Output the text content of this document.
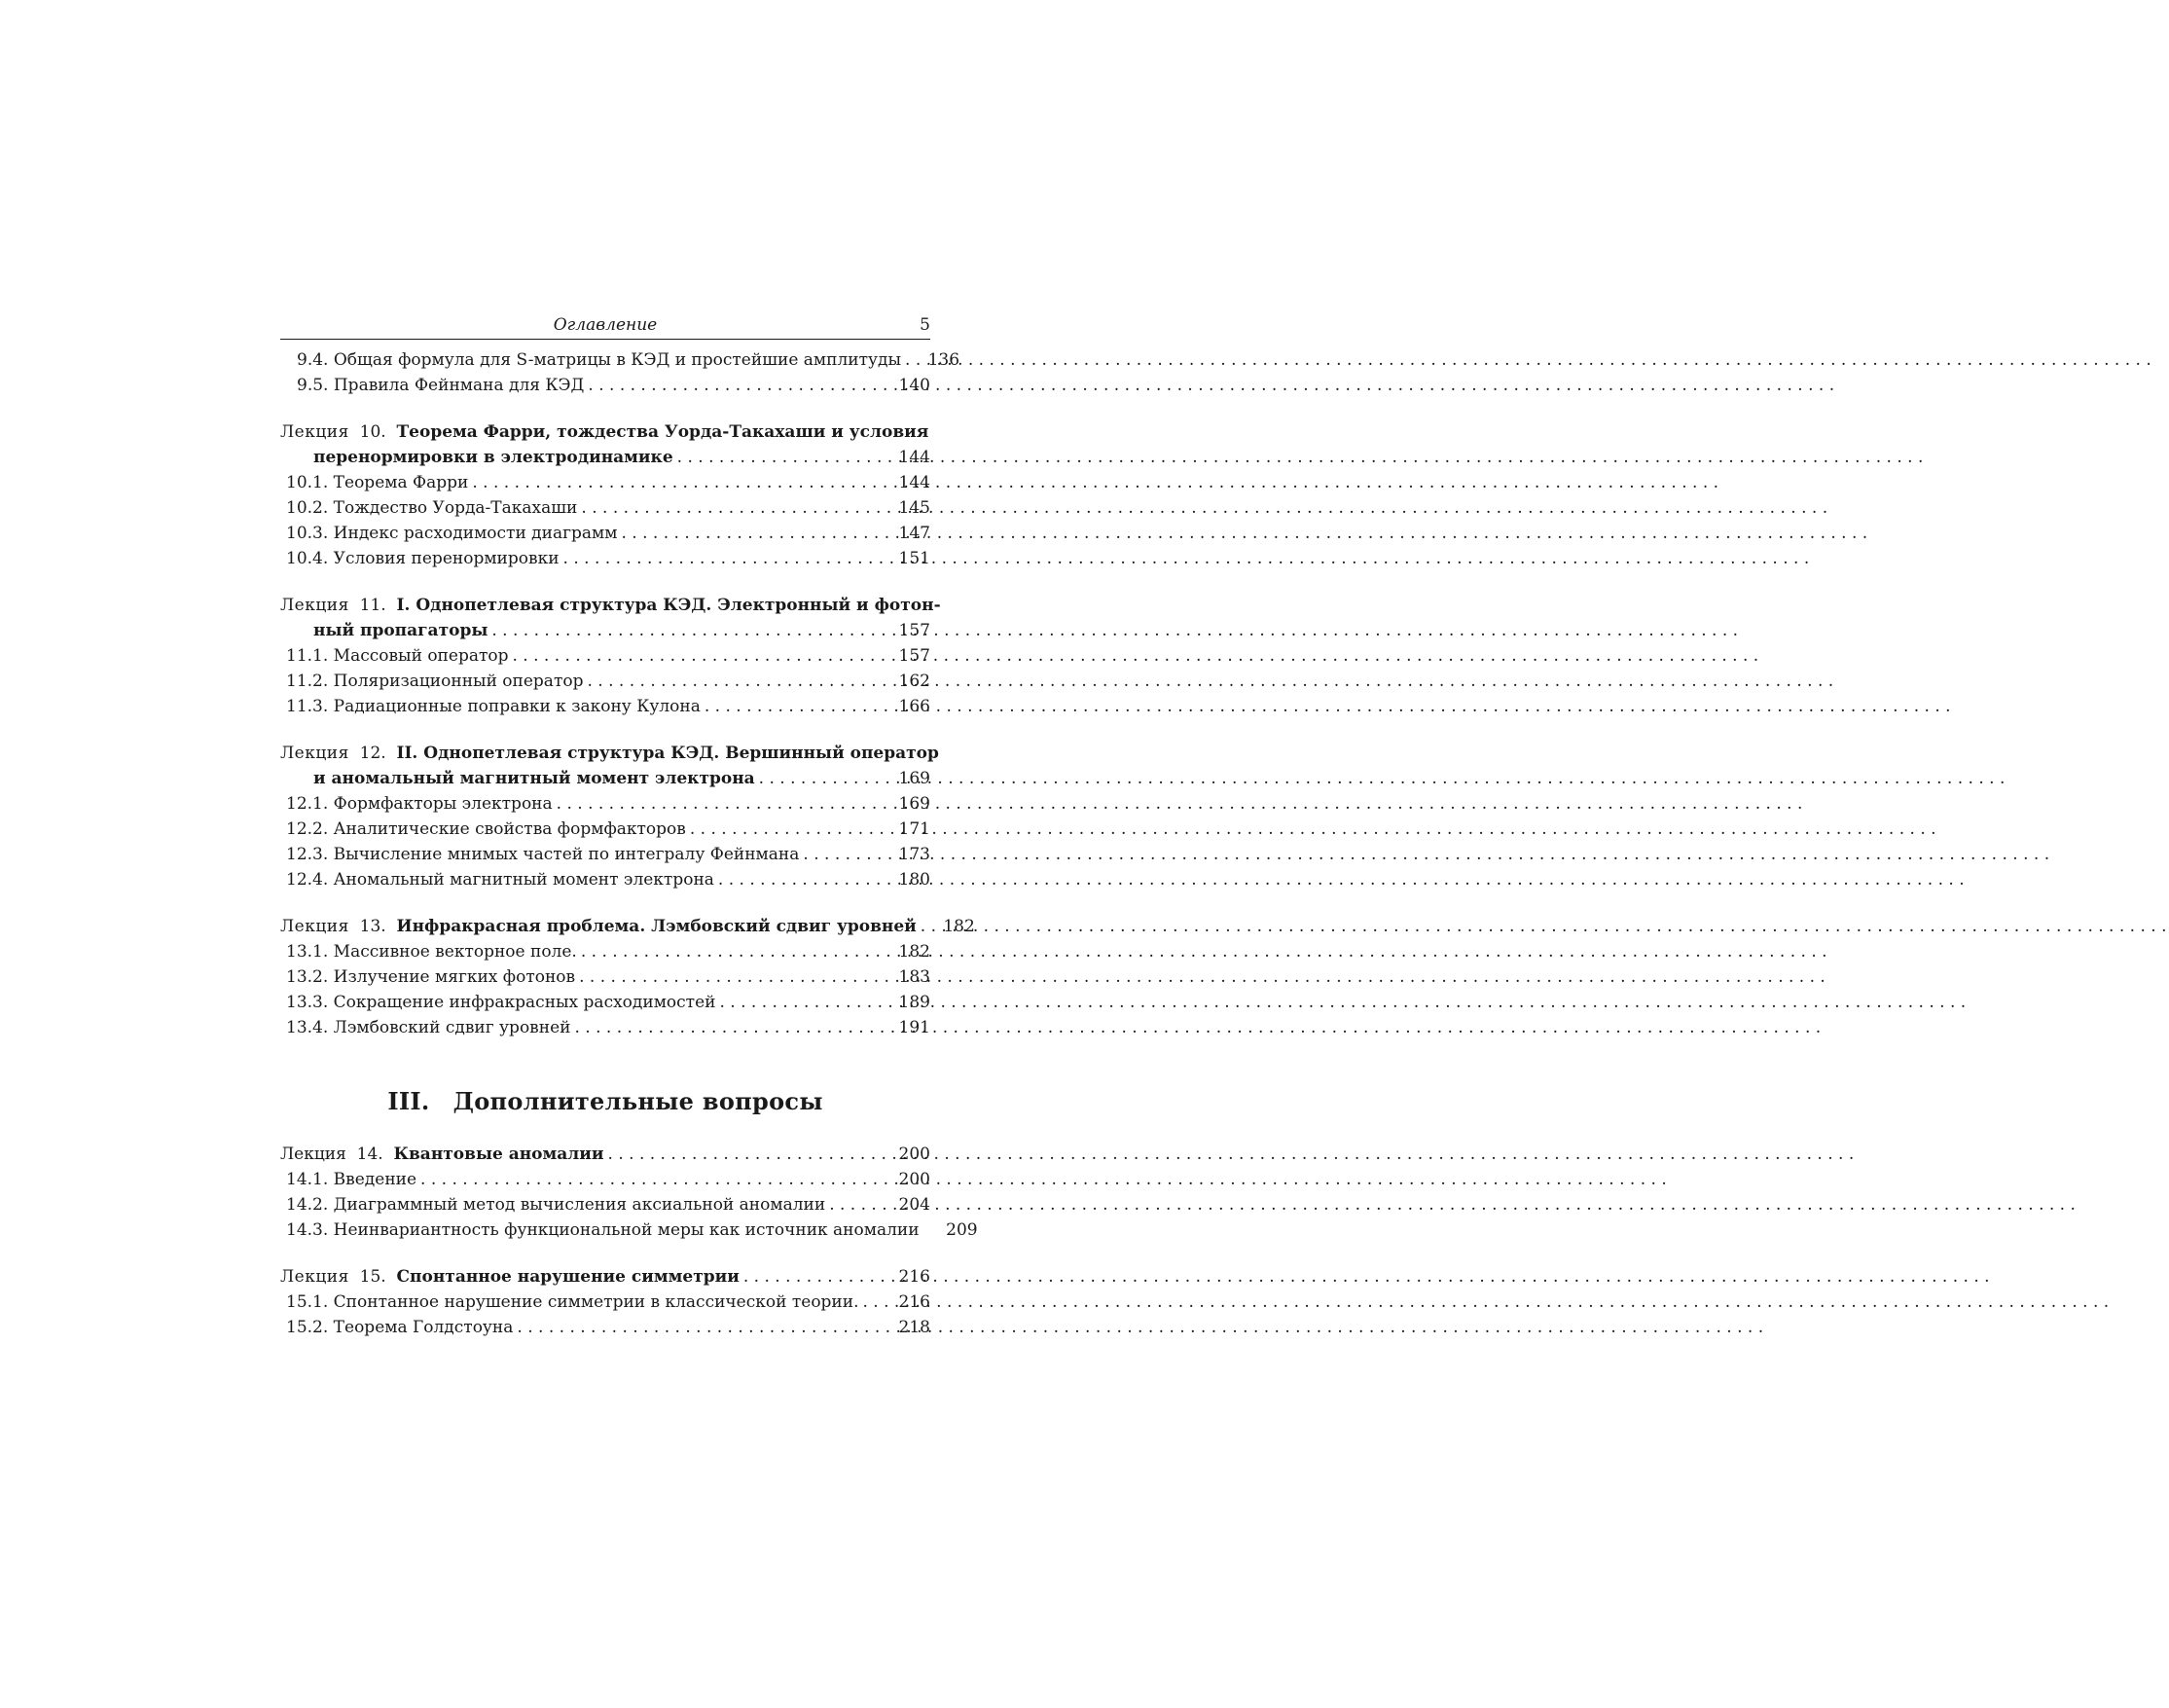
Оглавление	5
9.4. Общая формула для S-матрицы в КЭД и простейшие амплитуды . . .	136
9.5. Правила Фейнмана для КЭД . . .	140
Лекция 10. Теорема Фарри, тождества Уорда-Такахаши и условия
перенормировки в электродинамике . . .	144
10.1. Теорема Фарри . . .	144
10.2. Тождество Уорда-Такахаши . . .	145
10.3. Индекс расходимости диаграмм . . .	147
10.4. Условия перенормировки . . .	151
Лекция 11. I. Однопетлевая структура КЭД. Электронный и фотон-
ный пропагаторы . . .	157
11.1. Массовый оператор . . .	157
11.2. Поляризационный оператор . . .	162
11.3. Радиационные поправки к закону Кулона . . .	166
Лекция 12. II. Однопетлевая структура КЭД. Вершинный оператор
и аномальный магнитный момент электрона . . .	169
12.1. Формфакторы электрона . . .	169
12.2. Аналитические свойства формфакторов . . .	171
12.3. Вычисление мнимых частей по интегралу Фейнмана . . .	173
12.4. Аномальный магнитный момент электрона . . .	180
Лекция 13. Инфракрасная проблема. Лэмбовский сдвиг уровней . . .	182
13.1. Массивное векторное поле. . . .	182
13.2. Излучение мягких фотонов . . .	183
13.3. Сокращение инфракрасных расходимостей . . .	189
13.4. Лэмбовский сдвиг уровней . . .	191
III. Дополнительные вопросы
Лекция 14. Квантовые аномалии . . .	200
14.1. Введение . . .	200
14.2. Диаграммный метод вычисления аксиальной аномалии . . .	204
14.3. Неинвариантность функциональной меры как источник аномалии	209
Лекция 15. Спонтанное нарушение симметрии . . .	216
15.1. Спонтанное нарушение симметрии в классической теории. . . .	216
15.2. Теорема Голдстоуна . . .	218
